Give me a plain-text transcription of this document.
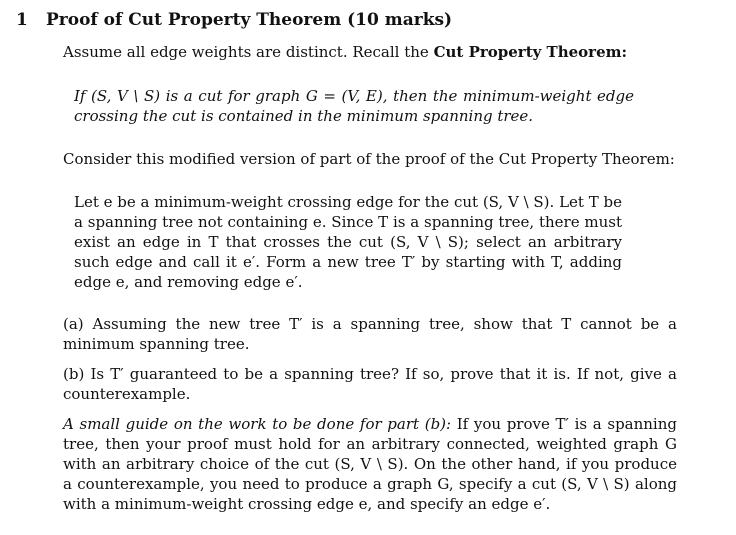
1 Proof of Cut Property Theorem (10 marks)
Assume all edge weights are distinct. Recall the Cut Property Theorem:
If (S, V \ S) is a cut for graph G = (V, E), then the minimum-weight edge crossing the cut is contained in the minimum spanning tree.
Consider this modified version of part of the proof of the Cut Property Theorem:
Let e be a minimum-weight crossing edge for the cut (S, V \ S). Let T be a spanning tree not containing e. Since T is a spanning tree, there must exist an edge in T that crosses the cut (S, V \ S); select an arbitrary such edge and call it e′. Form a new tree T′ by starting with T, adding edge e, and removing edge e′.
(a) Assuming the new tree T′ is a spanning tree, show that T cannot be a minimum spanning tree.
(b) Is T′ guaranteed to be a spanning tree? If so, prove that it is. If not, give a counterexample.
A small guide on the work to be done for part (b): If you prove T′ is a spanning tree, then your proof must hold for an arbitrary connected, weighted graph G with an arbitrary choice of the cut (S, V \ S). On the other hand, if you produce a counterexample, you need to produce a graph G, specify a cut (S, V \ S) along with a minimum-weight crossing edge e, and specify an edge e′.
